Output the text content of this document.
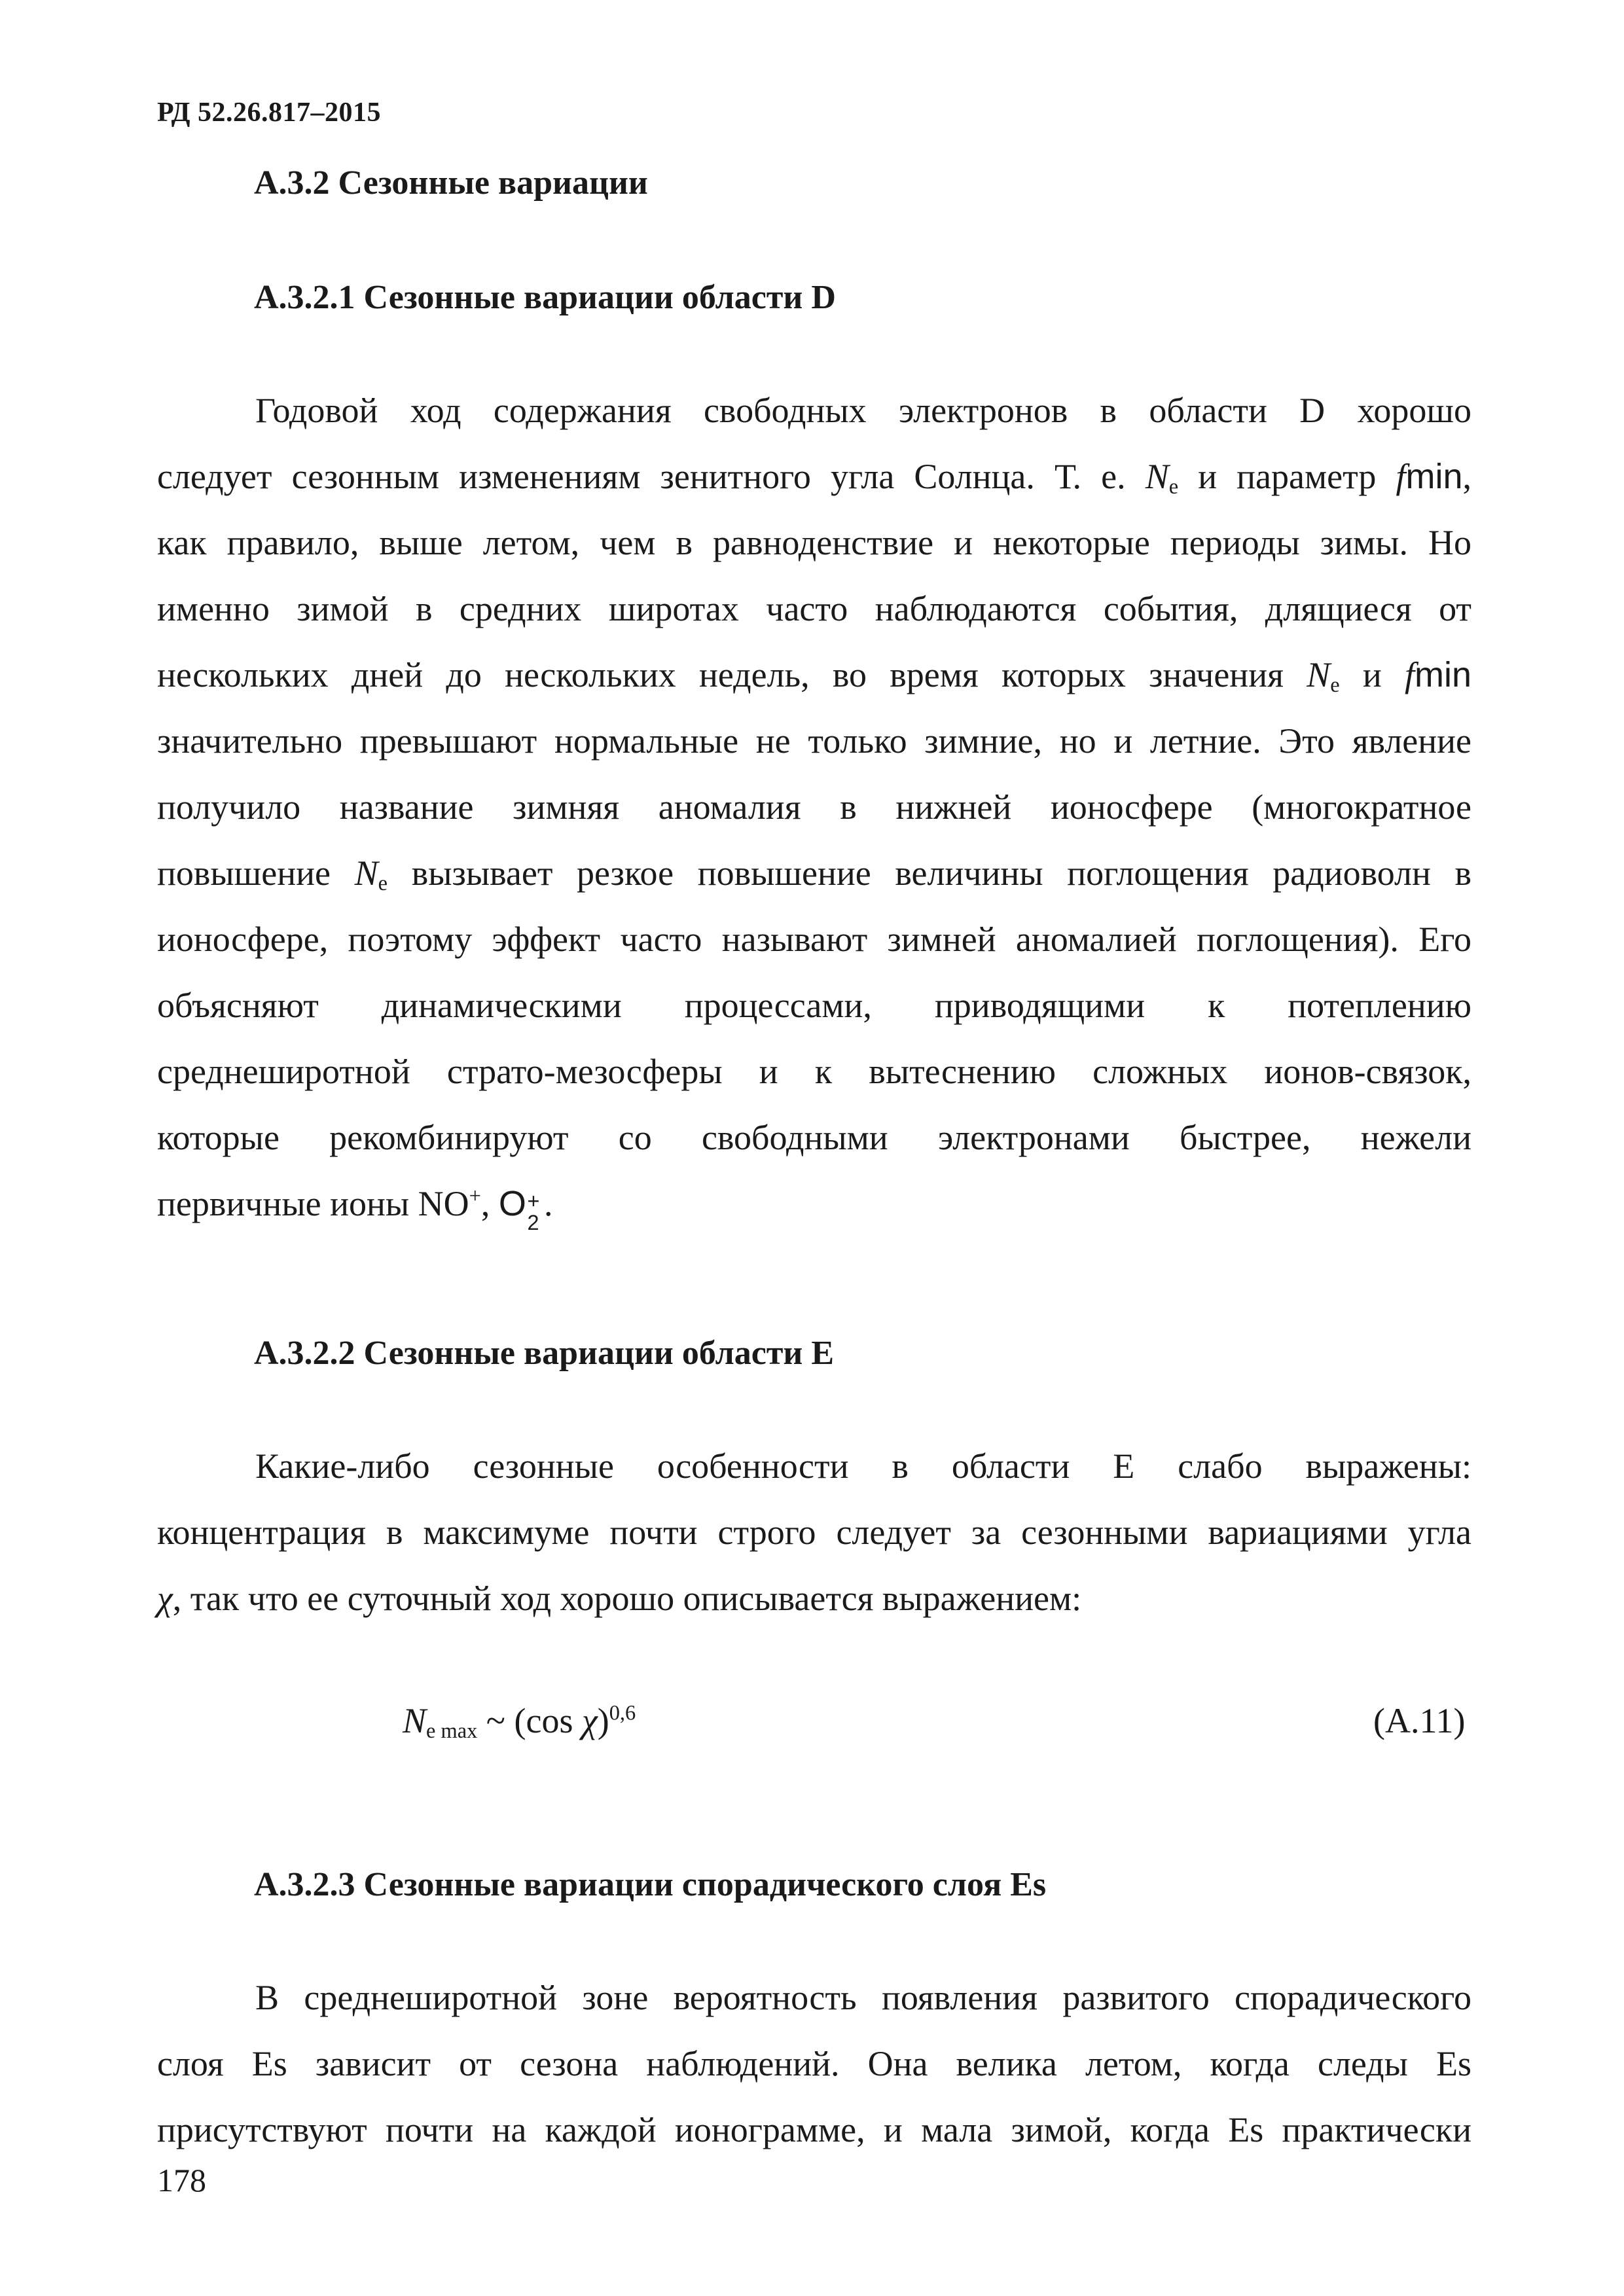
РД 52.26.817–2015
А.3.2 Сезонные вариации
А.3.2.1 Сезонные вариации области D
Годовой ход содержания свободных электронов в области D хорошо
следует сезонным изменениям зенитного угла Солнца. Т. е. $N_e$ и параметр fmin,
как правило, выше летом, чем в равноденствие и некоторые периоды зимы. Но
именно зимой в средних широтах часто наблюдаются события, длящиеся от
нескольких дней до нескольких недель, во время которых значения $N_e$ и fmin
значительно превышают нормальные не только зимние, но и летние. Это явление
получило название зимняя аномалия в нижней ионосфере (многократное
повышение $N_e$ вызывает резкое повышение величины поглощения радиоволн в
ионосфере, поэтому эффект часто называют зимней аномалией поглощения). Его
объясняют динамическими процессами, приводящими к потеплению
среднеширотной страто-мезосферы и к вытеснению сложных ионов-связок,
которые рекомбинируют со свободными электронами быстрее, нежели
первичные ионы NO+, O +
2 .
А.3.2.2 Сезонные вариации области E
Какие-либо сезонные особенности в области E слабо выражены:
концентрация в максимуме почти строго следует за сезонными вариациями угла
χ, так что ее суточный ход хорошо описывается выражением:
$N_{e max}$ ~ (cos χ)$^{0,6}$	(А.11)
А.3.2.3 Сезонные вариации спорадического слоя Es
В среднеширотной зоне вероятность появления развитого спорадического
слоя Es зависит от сезона наблюдений. Она велика летом, когда следы Es
присутствуют почти на каждой ионограмме, и мала зимой, когда Es практически
178
